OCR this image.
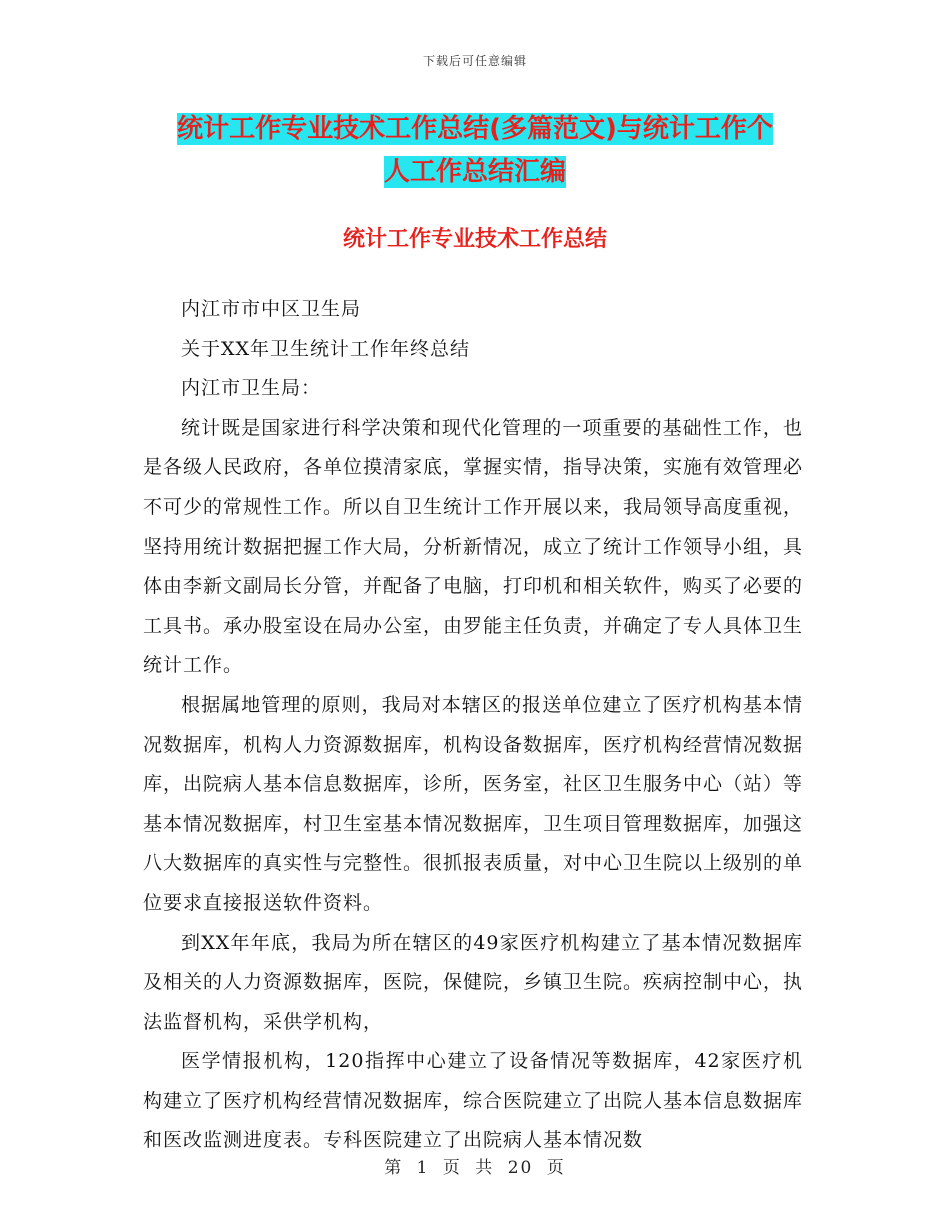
下载后可任意编辑
统计工作专业技术工作总结(多篇范文)与统计工作个
人工作总结汇编
统计工作专业技术工作总结

内江市市中区卫生局

关于XX年卫生统计工作年终总结

内江市卫生局：

统计既是国家进行科学决策和现代化管理的一项重要的基础性工作，也是各级人民政府，各单位摸清家底，掌握实情，指导决策，实施有效管理必不可少的常规性工作。所以自卫生统计工作开展以来，我局领导高度重视，坚持用统计数据把握工作大局，分析新情况，成立了统计工作领导小组，具体由李新文副局长分管，并配备了电脑，打印机和相关软件，购买了必要的工具书。承办股室设在局办公室，由罗能主任负责，并确定了专人具体卫生统计工作。

根据属地管理的原则，我局对本辖区的报送单位建立了医疗机构基本情况数据库，机构人力资源数据库，机构设备数据库，医疗机构经营情况数据库，出院病人基本信息数据库，诊所，医务室，社区卫生服务中心（站）等基本情况数据库，村卫生室基本情况数据库，卫生项目管理数据库，加强这八大数据库的真实性与完整性。很抓报表质量，对中心卫生院以上级别的单位要求直接报送软件资料。

到XX年年底，我局为所在辖区的49家医疗机构建立了基本情况数据库及相关的人力资源数据库，医院，保健院，乡镇卫生院。疾病控制中心，执法监督机构，采供学机构，

医学情报机构，120指挥中心建立了设备情况等数据库，42家医疗机构建立了医疗机构经营情况数据库，综合医院建立了出院人基本信息数据库和医改监测进度表。专科医院建立了出院病人基本情况数

第 1 页 共 20 页
